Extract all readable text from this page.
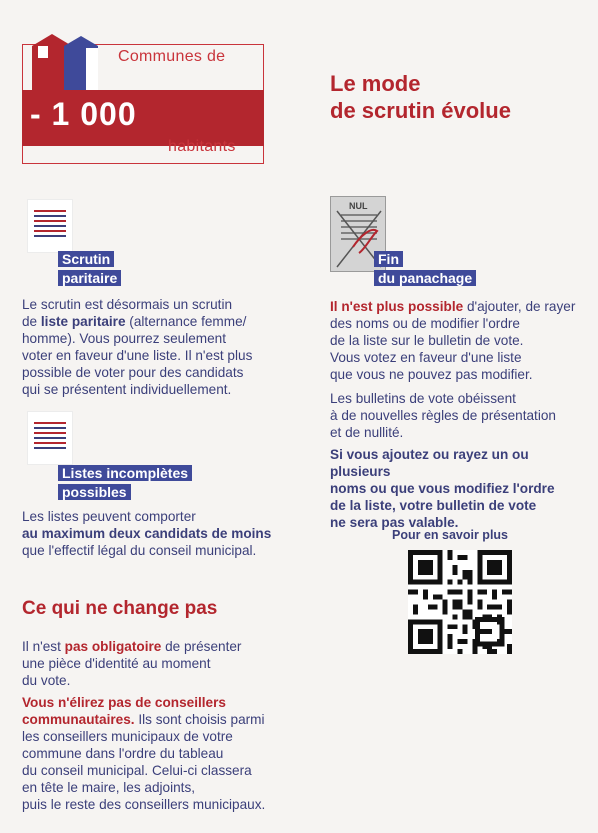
Communes de
- 1 000
habitants
Le mode
de scrutin évolue
Scrutin
paritaire
Le scrutin est désormais un scrutin
de liste paritaire (alternance femme/
homme). Vous pourrez seulement
voter en faveur d'une liste. Il n'est plus
possible de voter pour des candidats
qui se présentent individuellement.
Listes incomplètes
possibles
Les listes peuvent comporter
au maximum deux candidats de moins
que l'effectif légal du conseil municipal.
NUL
Fin
du panachage
Il n'est plus possible d'ajouter, de rayer
des noms ou de modifier l'ordre
de la liste sur le bulletin de vote.
Vous votez en faveur d'une liste
que vous ne pouvez pas modifier.
Les bulletins de vote obéissent
à de nouvelles règles de présentation
et de nullité.
Si vous ajoutez ou rayez un ou plusieurs
noms ou que vous modifiez l'ordre
de la liste, votre bulletin de vote
ne sera pas valable.
Pour en savoir plus
Ce qui ne change pas
Il n'est pas obligatoire de présenter
une pièce d'identité au moment
du vote.
Vous n'élirez pas de conseillers
communautaires. Ils sont choisis parmi
les conseillers municipaux de votre
commune dans l'ordre du tableau
du conseil municipal. Celui-ci classera
en tête le maire, les adjoints,
puis le reste des conseillers municipaux.
